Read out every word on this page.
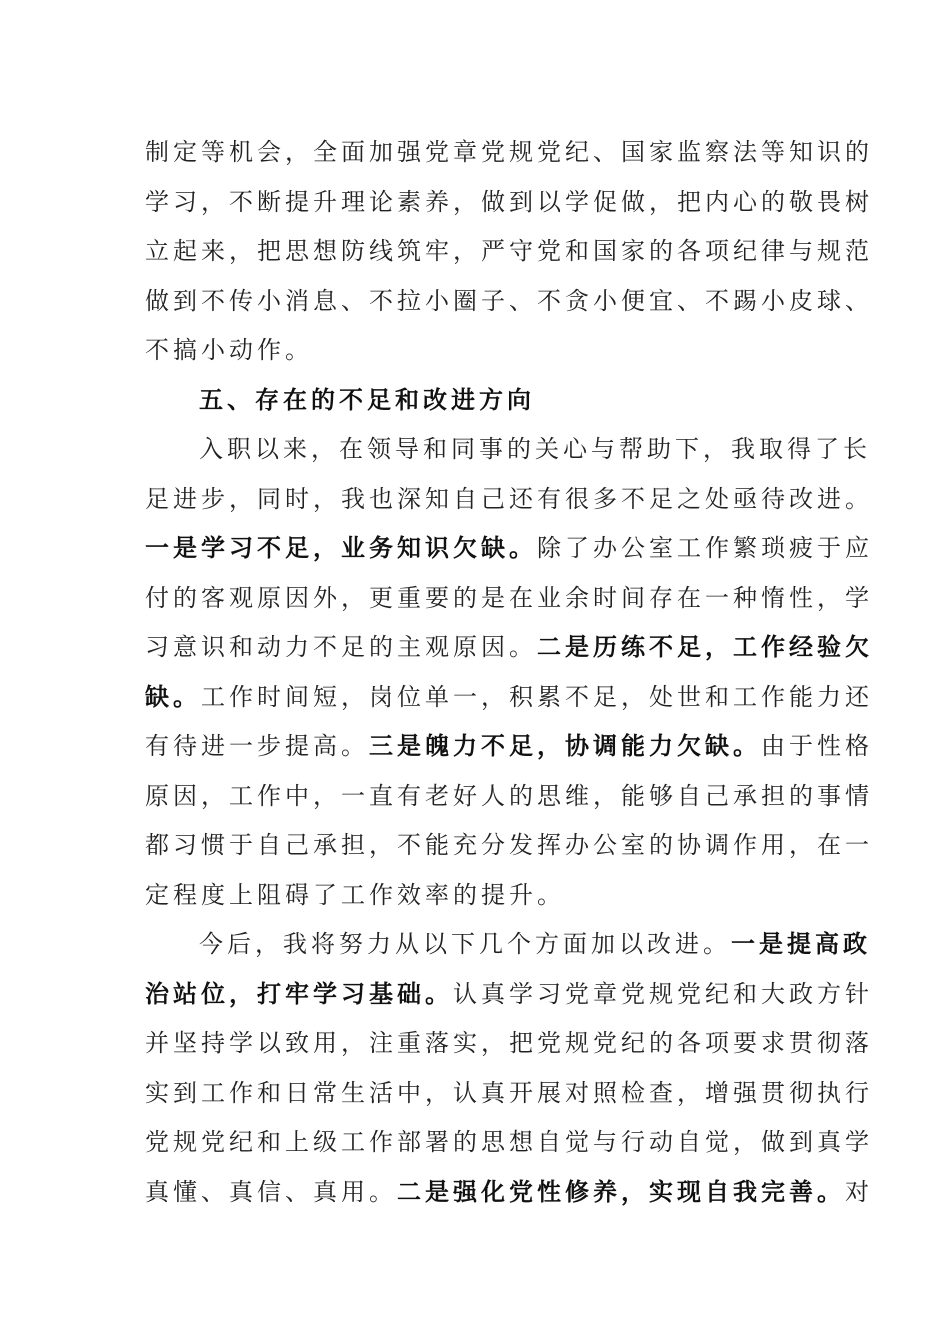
制定等机会，全面加强党章党规党纪、国家监察法等知识的
学习，不断提升理论素养，做到以学促做，把内心的敬畏树
立起来，把思想防线筑牢，严守党和国家的各项纪律与规范
做到不传小消息、不拉小圈子、不贪小便宜、不踢小皮球、
不搞小动作。
五、存在的不足和改进方向
入职以来，在领导和同事的关心与帮助下，我取得了长
足进步，同时，我也深知自己还有很多不足之处亟待改进。
一是学习不足，业务知识欠缺。除了办公室工作繁琐疲于应
付的客观原因外，更重要的是在业余时间存在一种惰性，学
习意识和动力不足的主观原因。二是历练不足，工作经验欠
缺。工作时间短，岗位单一，积累不足，处世和工作能力还
有待进一步提高。三是魄力不足，协调能力欠缺。由于性格
原因，工作中，一直有老好人的思维，能够自己承担的事情
都习惯于自己承担，不能充分发挥办公室的协调作用，在一
定程度上阻碍了工作效率的提升。
今后，我将努力从以下几个方面加以改进。一是提高政
治站位，打牢学习基础。认真学习党章党规党纪和大政方针
并坚持学以致用，注重落实，把党规党纪的各项要求贯彻落
实到工作和日常生活中，认真开展对照检查，增强贯彻执行
党规党纪和上级工作部署的思想自觉与行动自觉，做到真学
真懂、真信、真用。二是强化党性修养，实现自我完善。对
